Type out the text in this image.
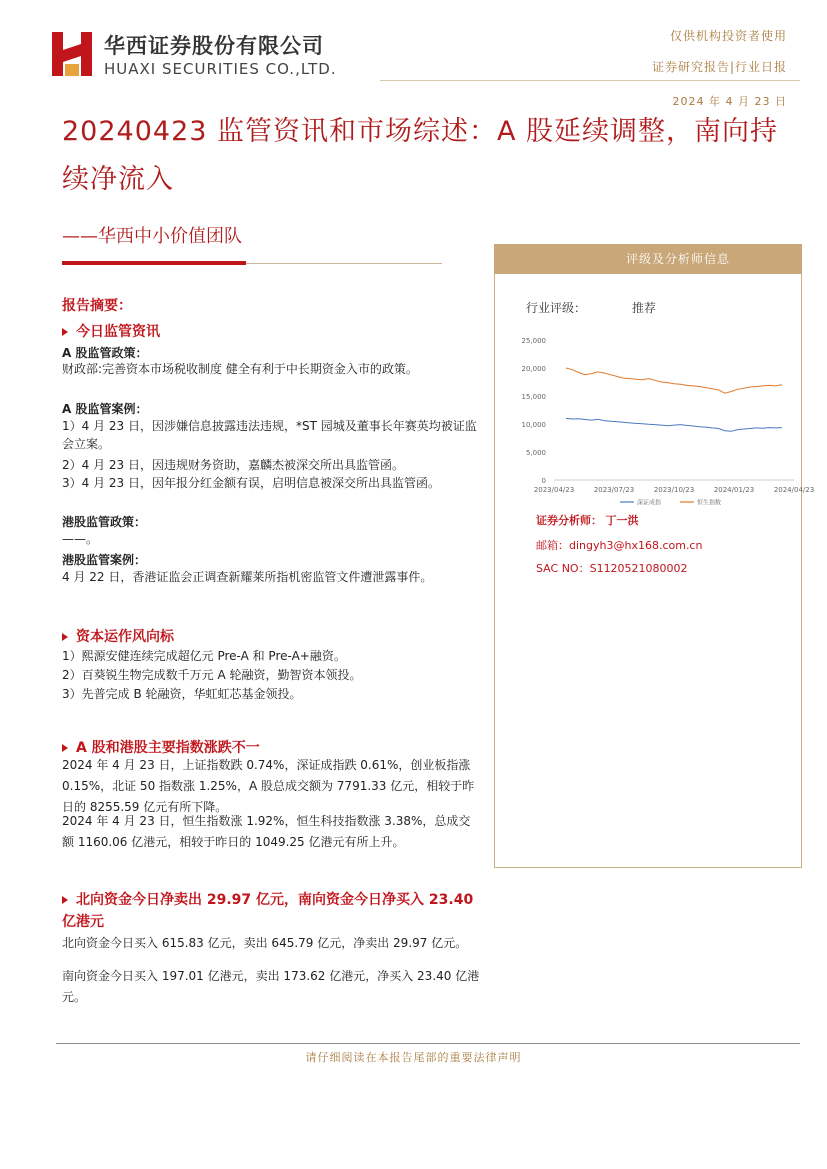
华西证券股份有限公司
HUAXI SECURITIES CO.,LTD.
仅供机构投资者使用
证券研究报告|行业日报
2024 年 4 月 23 日
20240423 监管资讯和市场综述：A 股延续调整，南向持续净流入
——华西中小价值团队
评级及分析师信息
行业评级：	推荐
25,000
20,000
15,000
10,000
5,000
0
2023/04/23	2023/07/23	2023/10/23	2024/01/23	2024/04/23
深证成指	恒生指数
证券分析师： 丁一洪
邮箱：dingyh3@hx168.com.cn
SAC NO：S1120521080002
报告摘要：
今日监管资讯
A 股监管政策：
财政部:完善资本市场税收制度 健全有利于中长期资金入市的政策。
A 股监管案例：
1）4 月 23 日，因涉嫌信息披露违法违规，*ST 园城及董事长年赛英均被证监会立案。
2）4 月 23 日，因违规财务资助，嘉麟杰被深交所出具监管函。
3）4 月 23 日，因年报分红金额有误，启明信息被深交所出具监管函。
港股监管政策：
——。
港股监管案例：
4 月 22 日，香港证监会正调查新耀莱所指机密监管文件遭泄露事件。
资本运作风向标
1）熙源安健连续完成超亿元 Pre-A 和 Pre-A+融资。
2）百葵锐生物完成数千万元 A 轮融资，勤智资本领投。
3）先普完成 B 轮融资，华虹虹芯基金领投。
A 股和港股主要指数涨跌不一
2024 年 4 月 23 日，上证指数跌 0.74%，深证成指跌 0.61%，创业板指涨 0.15%，北证 50 指数涨 1.25%，A 股总成交额为 7791.33 亿元，相较于昨日的 8255.59 亿元有所下降。
2024 年 4 月 23 日，恒生指数涨 1.92%，恒生科技指数涨 3.38%，总成交额 1160.06 亿港元，相较于昨日的 1049.25 亿港元有所上升。
北向资金今日净卖出 29.97 亿元，南向资金今日净买入 23.40 亿港元
北向资金今日买入 615.83 亿元，卖出 645.79 亿元，净卖出 29.97 亿元。
南向资金今日买入 197.01 亿港元，卖出 173.62 亿港元，净买入 23.40 亿港元。
请仔细阅读在本报告尾部的重要法律声明
